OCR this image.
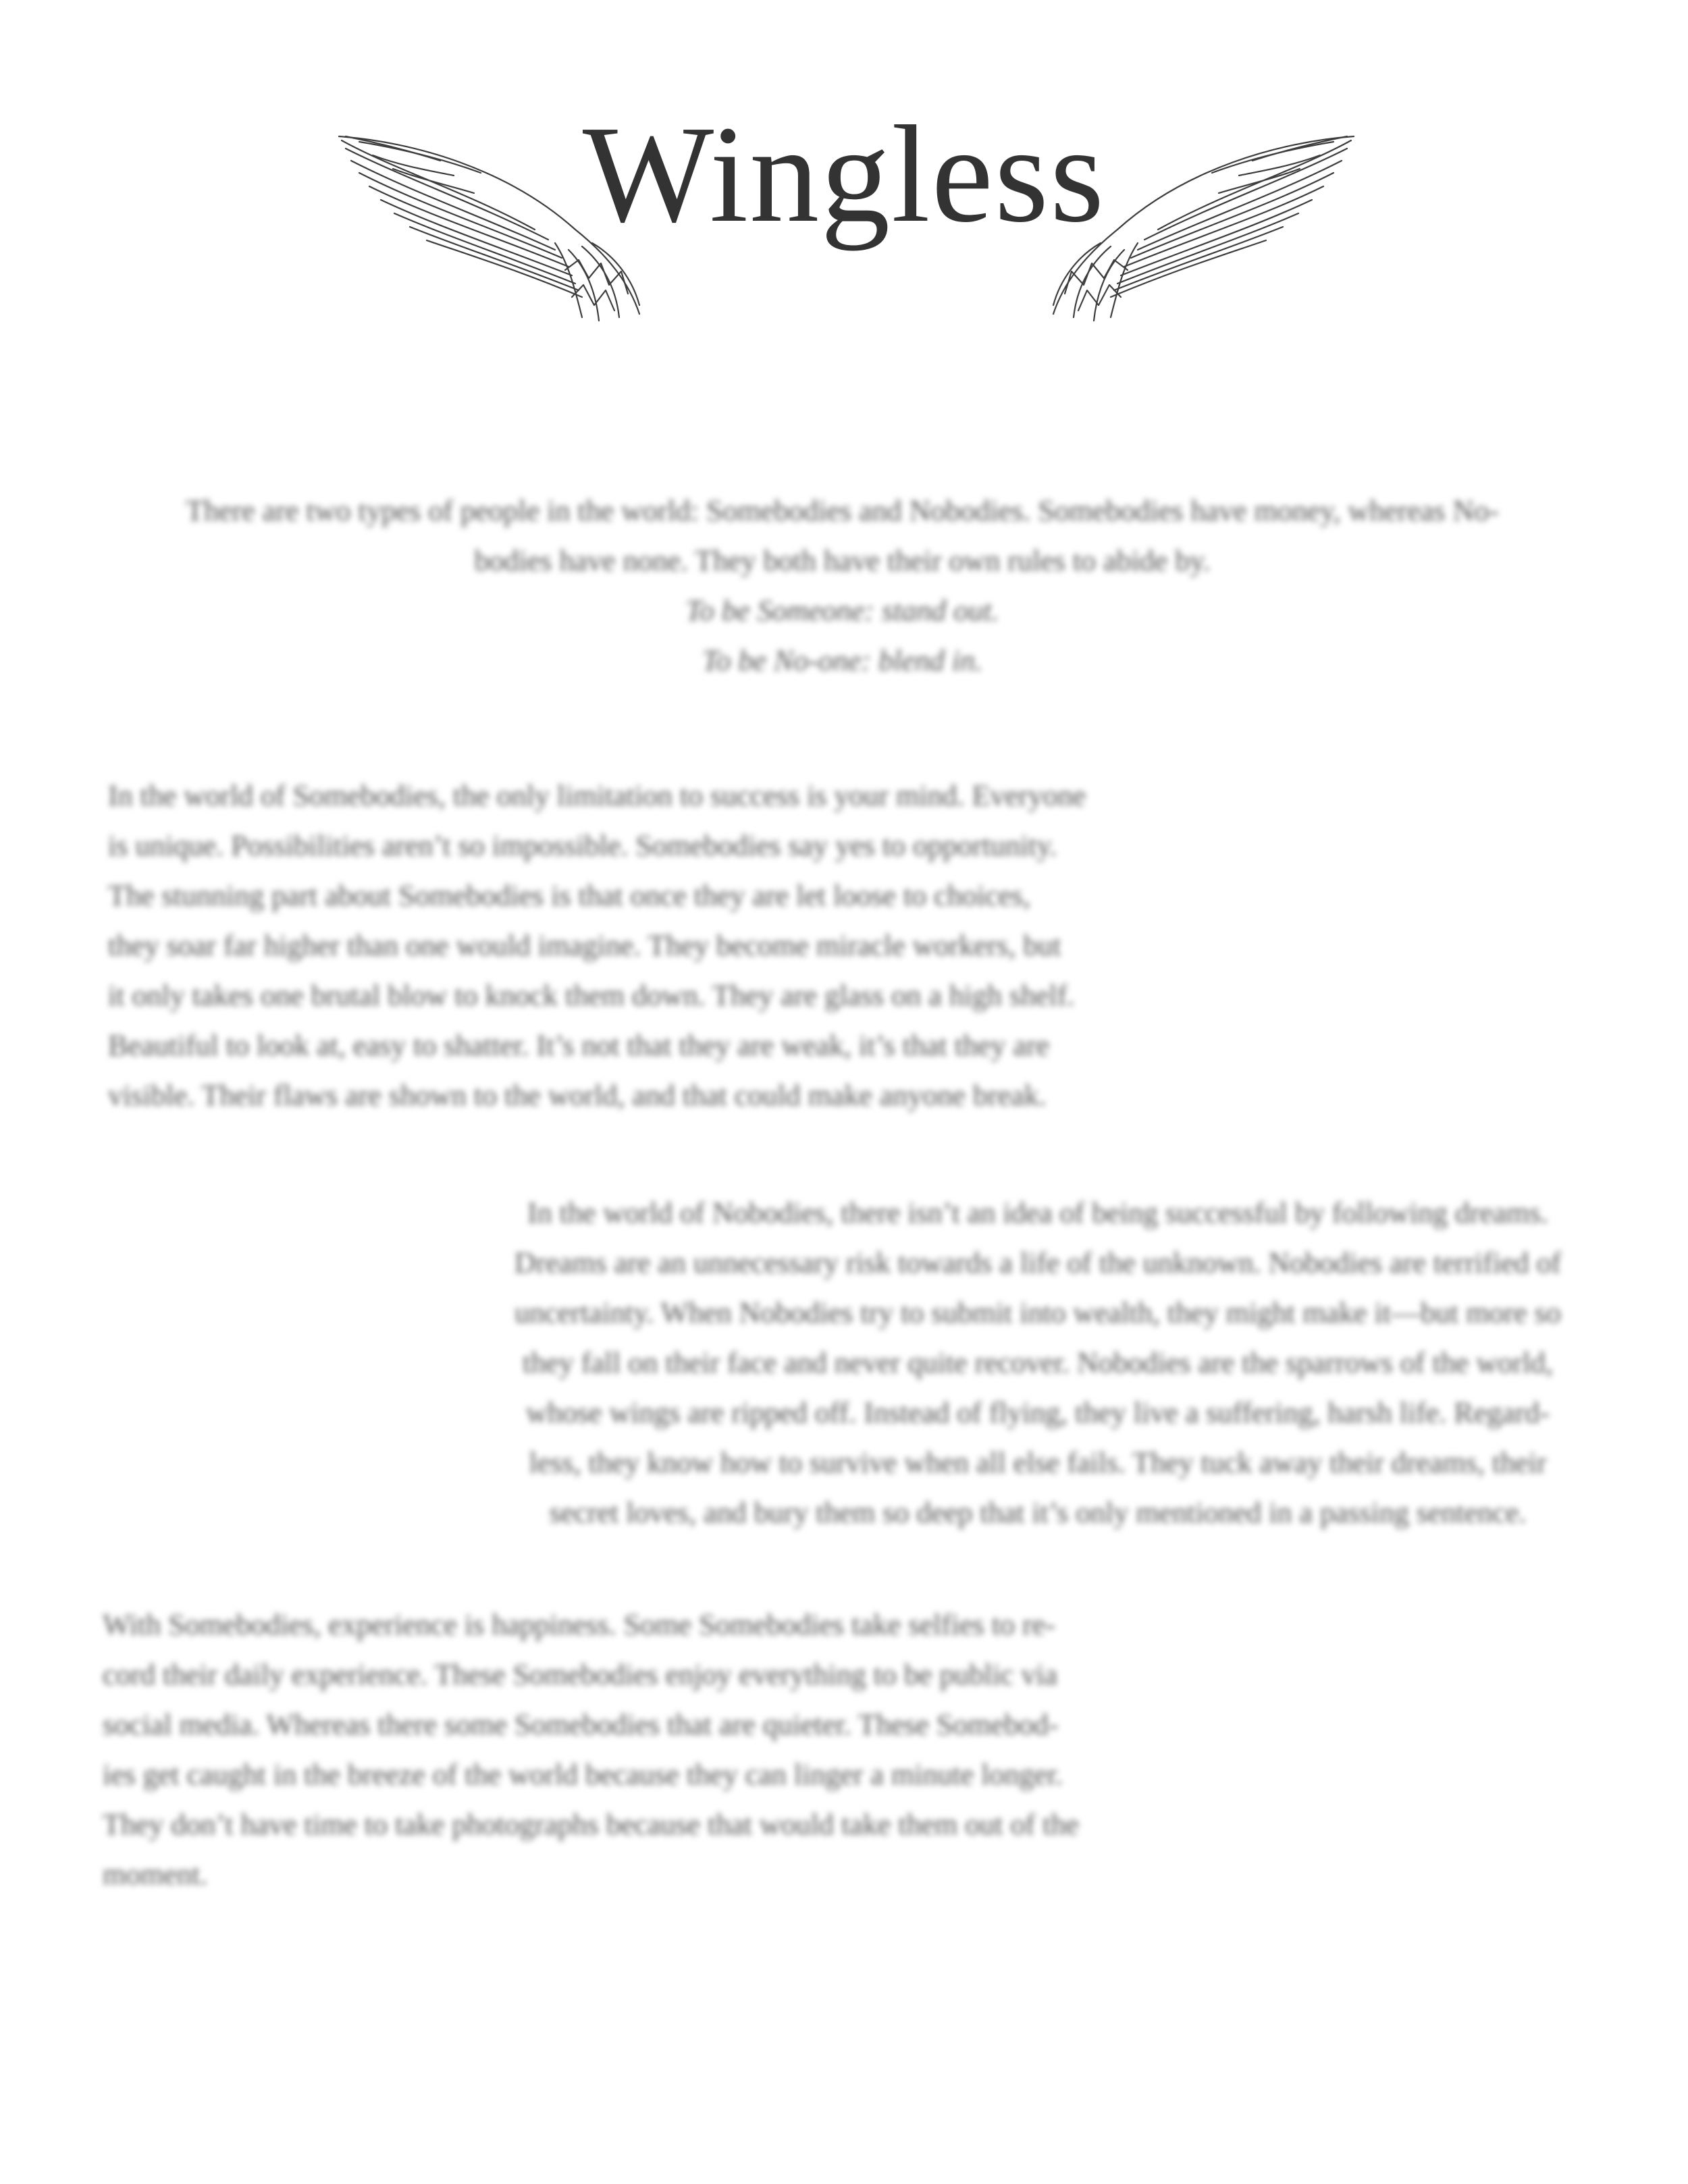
Wingless
There are two types of people in the world: Somebodies and Nobodies. Somebodies have money, whereas No-
bodies have none. They both have their own rules to abide by.
To be Someone: stand out.
To be No-one: blend in.
In the world of Somebodies, the only limitation to success is your mind. Everyone
is unique. Possibilities aren’t so impossible. Somebodies say yes to opportunity.
The stunning part about Somebodies is that once they are let loose to choices,
they soar far higher than one would imagine. They become miracle workers, but
it only takes one brutal blow to knock them down. They are glass on a high shelf.
Beautiful to look at, easy to shatter. It’s not that they are weak, it’s that they are
visible. Their flaws are shown to the world, and that could make anyone break.
In the world of Nobodies, there isn’t an idea of being successful by following dreams.
Dreams are an unnecessary risk towards a life of the unknown. Nobodies are terrified of
uncertainty. When Nobodies try to submit into wealth, they might make it—but more so
they fall on their face and never quite recover. Nobodies are the sparrows of the world,
whose wings are ripped off. Instead of flying, they live a suffering, harsh life. Regard-
less, they know how to survive when all else fails. They tuck away their dreams, their
secret loves, and bury them so deep that it’s only mentioned in a passing sentence.
With Somebodies, experience is happiness. Some Somebodies take selfies to re-
cord their daily experience. These Somebodies enjoy everything to be public via
social media. Whereas there some Somebodies that are quieter. These Somebod-
ies get caught in the breeze of the world because they can linger a minute longer.
They don’t have time to take photographs because that would take them out of the
moment.
